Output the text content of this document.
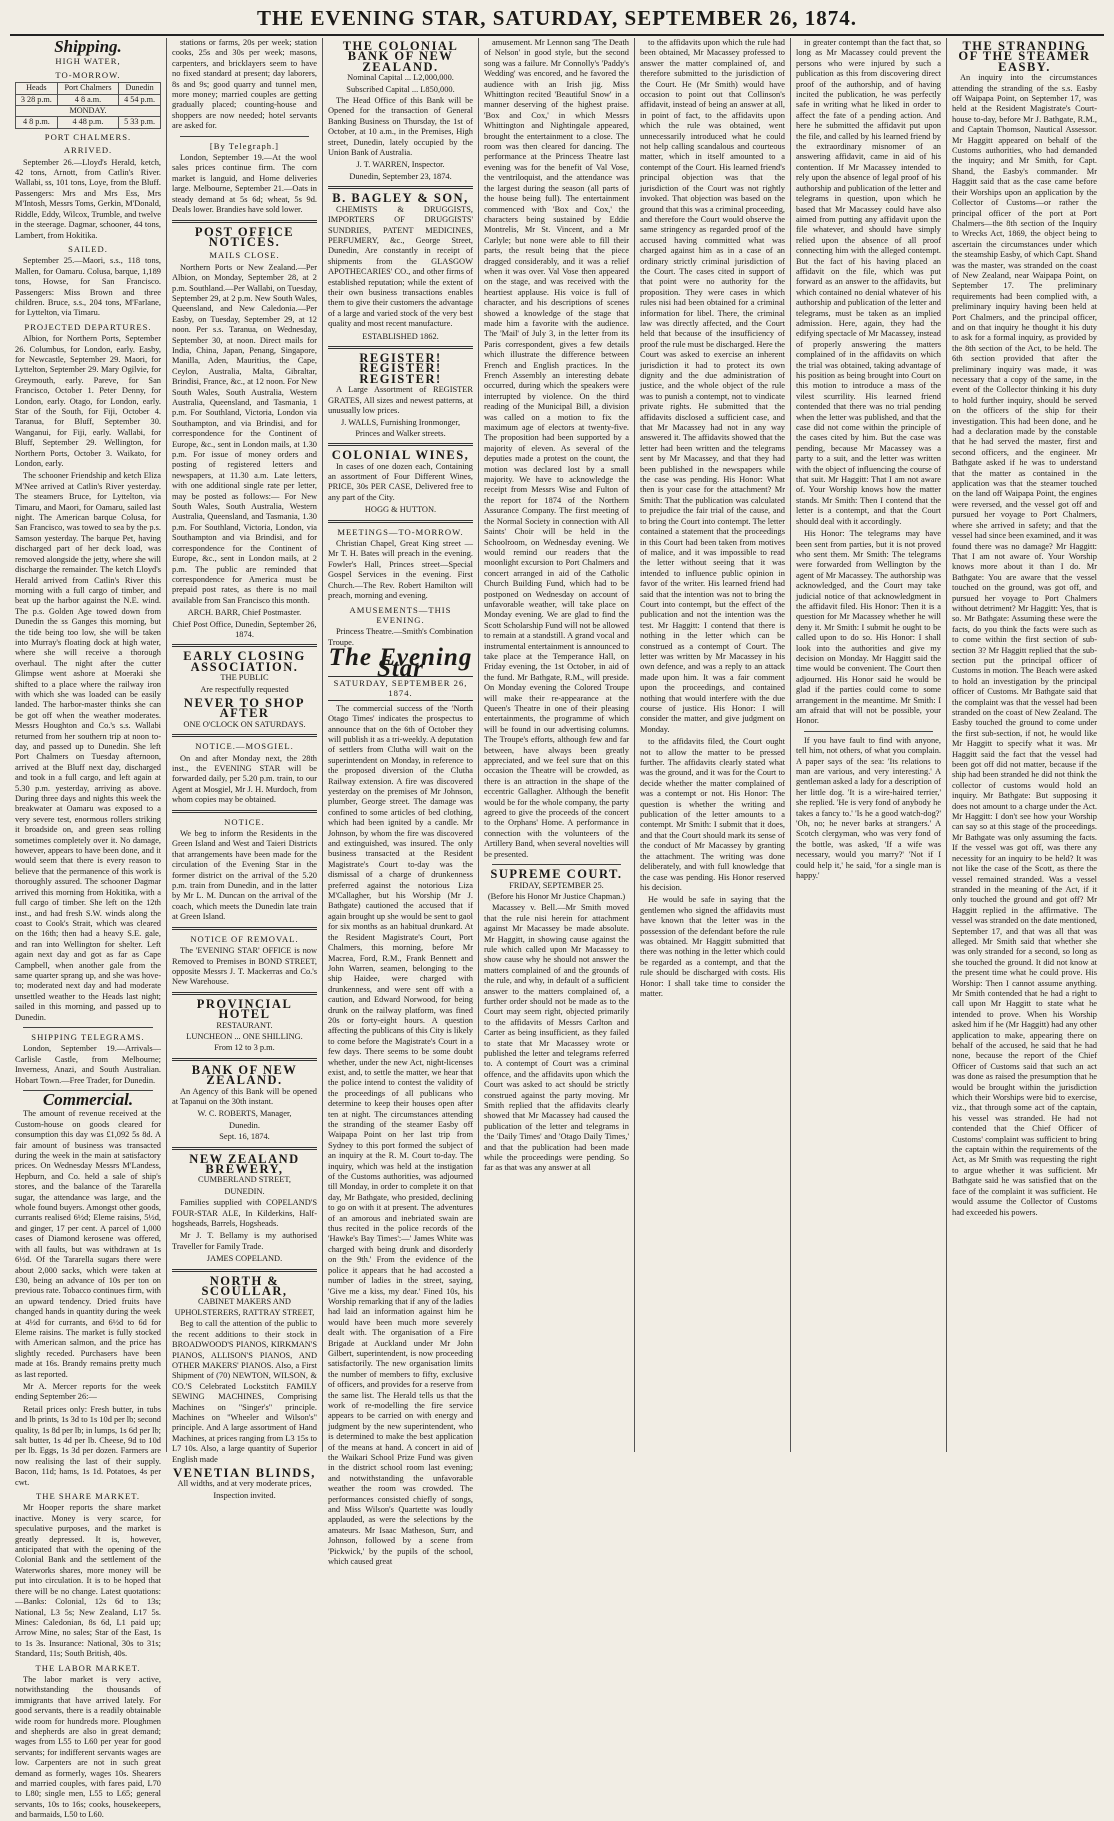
THE EVENING STAR, SATURDAY, SEPTEMBER 26, 1874.
Shipping.
HIGH WATER,
TO-MORROW.
Heads	Port Chalmers	Dunedin
3 28 p.m.	4 8 a.m.	4 54 p.m.
MONDAY.		
4 8 p.m.	4 48 p.m.	5 33 p.m.
PORT CHALMERS.
ARRIVED.

September 26.—Lloyd's Herald, ketch, 42 tons, Arnott, from Catlin's River. Wallabi, ss, 101 tons, Loye, from the Bluff. Passengers: Mrs and Mrs Ess, Mrs M'Intosh, Messrs Toms, Gerkin, M'Donald, Riddle, Eddy, Wilcox, Trumble, and twelve in the steerage. Dagmar, schooner, 44 tons, Lambert, from Hokitika.

SAILED.

September 25.—Maori, s.s., 118 tons, Mallen, for Oamaru. Colusa, barque, 1,189 tons, Howse, for San Francisco. Passengers: Miss Brown and three children. Bruce, s.s., 204 tons, M'Farlane, for Lyttelton, via Timaru.

PROJECTED DEPARTURES.

Albion, for Northern Ports, September 26. Columbus, for London, early. Easby, for Newcastle, September 29. Maori, for Lyttelton, September 29. Mary Ogilvie, for Greymouth, early. Pareve, for San Francisco, October 1. Peter Denny, for London, early. Otago, for London, early. Star of the South, for Fiji, October 4. Taranua, for Bluff, September 30. Wanganui, for Fiji, early. Wallabi, for Bluff, September 29. Wellington, for Northern Ports, October 3. Waikato, for London, early.

The schooner Friendship and ketch Eliza M'Nee arrived at Catlin's River yesterday. The steamers Bruce, for Lyttelton, via Timaru, and Maori, for Oamaru, sailed last night. The American barque Colusa, for San Francisco, was towed to sea by the p.s. Samson yesterday. The barque Pet, having discharged part of her deck load, was removed alongside the jetty, where she will discharge the remainder. The ketch Lloyd's Herald arrived from Catlin's River this morning with a full cargo of timber, and beat up the harbor against the N.E. wind. The p.s. Golden Age towed down from Dunedin the ss Ganges this morning, but the tide being too low, she will be taken into Murray's floating dock at high water, where she will receive a thorough overhaul. The night after the cutter Glimpse went ashore at Moeraki she shifted to a place where the railway iron with which she was loaded can be easily landed. The harbor-master thinks she can be got off when the weather moderates. Messrs Houghton and Co.'s s.s. Wallabi returned from her southern trip at noon to-day, and passed up to Dunedin. She left Port Chalmers on Tuesday afternoon, arrived at the Bluff next day, discharged and took in a full cargo, and left again at 5.30 p.m. yesterday, arriving as above. During three days and nights this week the breakwater at Oamaru was exposed to a very severe test, enormous rollers striking it broadside on, and green seas rolling sometimes completely over it. No damage, however, appears to have been done, and it would seem that there is every reason to believe that the permanence of this work is thoroughly assured. The schooner Dagmar arrived this morning from Hokitika, with a full cargo of timber. She left on the 12th inst., and had fresh S.W. winds along the coast to Cook's Strait, which was cleared on the 16th; then had a heavy S.E. gale, and ran into Wellington for shelter. Left again next day and got as far as Cape Campbell, when another gale from the same quarter sprang up, and she was hove-to; moderated next day and had moderate unsettled weather to the Heads last night; sailed in this morning, and passed up to Dunedin.

SHIPPING TELEGRAMS.

London, September 19.—Arrivals—Carlisle Castle, from Melbourne; Inverness, Anazi, and South Australian. Hobart Town.—Free Trader, for Dunedin.

Commercial.

The amount of revenue received at the Custom-house on goods cleared for consumption this day was £1,092 5s 8d. A fair amount of business was transacted during the week in the main at satisfactory prices. On Wednesday Messrs M'Landess, Hepburn, and Co. held a sale of ship's stores, and the balance of the Tararella sugar, the attendance was large, and the whole found buyers. Amongst other goods, currants realised 6½d; Eleme raisins, 5½d, and ginger, 17 per cent. A parcel of 1,000 cases of Diamond kerosene was offered, with all faults, but was withdrawn at 1s 6½d. Of the Tararella sugars there were about 2,000 sacks, which were taken at £30, being an advance of 10s per ton on previous rate. Tobacco continues firm, with an upward tendency. Dried fruits have changed hands in quantity during the week at 4½d for currants, and 6½d to 6d for Eleme raisins. The market is fully stocked with American salmon, and the price has slightly receded. Purchasers have been made at 16s. Brandy remains pretty much as last reported.

Mr A. Mercer reports for the week ending September 26:—

Retail prices only: Fresh butter, in tubs and lb prints, 1s 3d to 1s 10d per lb; second quality, 1s 8d per lb; in lumps, 1s 6d per lb; salt butter, 1s 4d per lb. Cheese, 9d to 10d per lb. Eggs, 1s 3d per dozen. Farmers are now realising the last of their supply. Bacon, 11d; hams, 1s 1d. Potatoes, 4s per cwt.

THE SHARE MARKET.

Mr Hooper reports the share market inactive. Money is very scarce, for speculative purposes, and the market is greatly depressed. It is, however, anticipated that with the opening of the Colonial Bank and the settlement of the Waterworks shares, more money will be put into circulation. It is to be hoped that there will be no change. Latest quotations:—Banks: Colonial, 12s 6d to 13s; National, L3 5s; New Zealand, L17 5s. Mines: Caledonian, 8s 6d, L1 paid up; Arrow Mine, no sales; Star of the East, 1s to 1s 3s. Insurance: National, 30s to 31s; Standard, 11s; South British, 40s.

THE LABOR MARKET.

The labor market is very active, notwithstanding the thousands of immigrants that have arrived lately. For good servants, there is a readily obtainable wide room for hundreds more. Ploughmen and shepherds are also in great demand; wages from L55 to L60 per year for good servants; for indifferent servants wages are low. Carpenters are not in such great demand as formerly, wages 10s. Shearers and married couples, with fares paid, L70 to L80; single men, L55 to L65; general servants, 10s to 16s; cooks, housekeepers, and barmaids, L50 to L60.

stations or farms, 20s per week; station cooks, 25s and 30s per week; masons, carpenters, and bricklayers seem to have no fixed standard at present; day laborers, 8s and 9s; good quarry and tunnel men, more money; married couples are getting gradually placed; counting-house and shoppers are now needed; hotel servants are asked for.

[By Telegraph.]

London, September 19.—At the wool sales prices continue firm. The corn market is languid, and Home deliveries large. Melbourne, September 21.—Oats in steady demand at 5s 6d; wheat, 5s 9d. Deals lower. Brandies have sold lower.

POST OFFICE NOTICES.
MAILS CLOSE.

Northern Ports or New Zealand.—Per Albion, on Monday, September 28, at 2 p.m. Southland.—Per Wallabi, on Tuesday, September 29, at 2 p.m. New South Wales, Queensland, and New Caledonia.—Per Easby, on Tuesday, September 29, at 12 noon. Per s.s. Taranua, on Wednesday, September 30, at noon. Direct mails for India, China, Japan, Penang, Singapore, Manilla, Aden, Mauritius, the Cape, Ceylon, Australia, Malta, Gibraltar, Brindisi, France, &c., at 12 noon. For New South Wales, South Australia, Western Australia, Queensland, and Tasmania, 1 p.m. For Southland, Victoria, London via Southampton, and via Brindisi, and for correspondence for the Continent of Europe, &c., sent in London mails, at 1.30 p.m. For issue of money orders and posting of registered letters and newspapers, at 11.30 a.m. Late letters, with one additional single rate per letter, may be posted as follows:— For New South Wales, South Australia, Western Australia, Queensland, and Tasmania, 1.30 p.m. For Southland, Victoria, London, via Southampton and via Brindisi, and for correspondence for the Continent of Europe, &c., sent in London mails, at 2 p.m. The public are reminded that correspondence for America must be prepaid post rates, as there is no mail available from San Francisco this month.

ARCH. BARR, Chief Postmaster.
Chief Post Office, Dunedin, September 26, 1874.
EARLY CLOSING ASSOCIATION.
THE PUBLIC
Are respectfully requested
NEVER TO SHOP AFTER
ONE O'CLOCK ON SATURDAYS.
NOTICE.—MOSGIEL.

On and after Monday next, the 28th inst., the EVENING STAR will be forwarded daily, per 5.20 p.m. train, to our Agent at Mosgiel, Mr J. H. Murdoch, from whom copies may be obtained.

NOTICE.

We beg to inform the Residents in the Green Island and West and Taieri Districts that arrangements have been made for the circulation of the Evening Star in the former district on the arrival of the 5.20 p.m. train from Dunedin, and in the latter by Mr L. M. Duncan on the arrival of the coach, which meets the Dunedin late train at Green Island.

NOTICE OF REMOVAL.

The 'EVENING STAR' OFFICE is now Removed to Premises in BOND STREET, opposite Messrs J. T. Mackerras and Co.'s New Warehouse.

PROVINCIAL HOTEL
RESTAURANT.
LUNCHEON ... ONE SHILLING.
From 12 to 3 p.m.
BANK OF NEW ZEALAND.

An Agency of this Bank will be opened at Tapanui on the 30th instant.

W. C. ROBERTS, Manager,
Dunedin.
Sept. 16, 1874.
NEW ZEALAND BREWERY,
CUMBERLAND STREET,
DUNEDIN.

Families supplied with COPELAND'S FOUR-STAR ALE, In Kilderkins, Half-hogsheads, Barrels, Hogsheads.

Mr J. T. Bellamy is my authorised Traveller for Family Trade.

JAMES COPELAND.
NORTH & SCOULLAR,
CABINET MAKERS AND UPHOLSTERERS, RATTRAY STREET,

Beg to call the attention of the public to the recent additions to their stock in BROADWOOD'S PIANOS, KIRKMAN'S PIANOS, ALLISON'S PIANOS, AND OTHER MAKERS' PIANOS. Also, a First Shipment of (70) NEWTON, WILSON, & CO.'S Celebrated Lockstitch FAMILY SEWING MACHINES, Comprising Machines on "Singer's" principle. Machines on "Wheeler and Wilson's" principle. And A large assortment of Hand Machines, at prices ranging from L3 15s to L7 10s. Also, a large quantity of Superior English made

VENETIAN BLINDS,
All widths, and at very moderate prices,
Inspection invited.
THE COLONIAL BANK OF NEW ZEALAND.
Nominal Capital ... L2,000,000.
Subscribed Capital ... L850,000.

The Head Office of this Bank will be Opened for the transaction of General Banking Business on Thursday, the 1st of October, at 10 a.m., in the Premises, High street, Dunedin, lately occupied by the Union Bank of Australia.

J. T. WARREN, Inspector.
Dunedin, September 23, 1874.
B. BAGLEY & SON,

CHEMISTS & DRUGGISTS, IMPORTERS OF DRUGGISTS' SUNDRIES, PATENT MEDICINES, PERFUMERY, &c., George Street, Dunedin, Are constantly in receipt of shipments from the GLASGOW APOTHECARIES' CO., and other firms of established reputation; while the extent of their own business transactions enables them to give their customers the advantage of a large and varied stock of the very best quality and most recent manufacture.

ESTABLISHED 1862.
REGISTER! REGISTER! REGISTER!

A Large Assortment of REGISTER GRATES, All sizes and newest patterns, at unusually low prices.

J. WALLS, Furnishing Ironmonger, Princes and Walker streets.
COLONIAL WINES,

In cases of one dozen each, Containing an assortment of Four Different Wines, PRICE, 30s PER CASE, Delivered free to any part of the City.

HOGG & HUTTON.
MEETINGS—TO-MORROW.

Christian Chapel, Great King street — Mr T. H. Bates will preach in the evening. Fowler's Hall, Princes street—Special Gospel Services in the evening. First Church.—The Rev. Robert Hamilton will preach, morning and evening.

AMUSEMENTS—THIS EVENING.

Princess Theatre.—Smith's Combination Troupe.

The Evening Star
SATURDAY, SEPTEMBER 26, 1874.

The commercial success of the 'North Otago Times' indicates the prospectus to announce that on the 6th of October they will publish it as a tri-weekly. A deputation of settlers from Clutha will wait on the superintendent on Monday, in reference to the proposed diversion of the Clutha Railway extension. A fire was discovered yesterday on the premises of Mr Johnson, plumber, George street. The damage was confined to some articles of bed clothing, which had been ignited by a candle. Mr Johnson, by whom the fire was discovered and extinguished, was insured. The only business transacted at the Resident Magistrate's Court to-day was the dismissal of a charge of drunkenness preferred against the notorious Liza M'Callagher, but his Worship (Mr J. Bathgate) cautioned the accused that if again brought up she would be sent to gaol for six months as an habitual drunkard. At the Resident Magistrate's Court, Port Chalmers, this morning, before Mr Macrea, Ford, R.M., Frank Bennett and John Warren, seamen, belonging to the ship Haidee, were charged with drunkenness, and were sent off with a caution, and Edward Norwood, for being drunk on the railway platform, was fined 20s or forty-eight hours. A question affecting the publicans of this City is likely to come before the Magistrate's Court in a few days. There seems to be some doubt whether, under the new Act, night-licenses exist, and, to settle the matter, we hear that the police intend to contest the validity of the proceedings of all publicans who determine to keep their houses open after ten at night. The circumstances attending the stranding of the steamer Easby off Waipapa Point on her last trip from Sydney to this port formed the subject of an inquiry at the R. M. Court to-day. The inquiry, which was held at the instigation of the Customs authorities, was adjourned till Monday, in order to complete it on that day, Mr Bathgate, who presided, declining to go on with it at present. The adventures of an amorous and inebriated swain are thus recited in the police records of the 'Hawke's Bay Times':—' James White was charged with being drunk and disorderly on the 9th.' From the evidence of the police it appears that he had accosted a number of ladies in the street, saying, 'Give me a kiss, my dear.' Fined 10s, his Worship remarking that if any of the ladies had laid an information against him he would have been much more severely dealt with. The organisation of a Fire Brigade at Auckland under Mr John Gilbert, superintendent, is now proceeding satisfactorily. The new organisation limits the number of members to fifty, exclusive of officers, and provides for a reserve from the same list. The Herald tells us that the work of re-modelling the fire service appears to be carried on with energy and judgment by the new superintendent, who is determined to make the best application of the means at hand. A concert in aid of the Waikari School Prize Fund was given in the district school room last evening; and notwithstanding the unfavorable weather the room was crowded. The performances consisted chiefly of songs, and Miss Wilson's Quartette was loudly applauded, as were the selections by the amateurs. Mr Isaac Matheson, Surr, and Johnson, followed by a scene from 'Pickwick,' by the pupils of the school, which caused great

amusement. Mr Lennon sang 'The Death of Nelson' in good style, but the second song was a failure. Mr Connolly's 'Paddy's Wedding' was encored, and he favored the audience with an Irish jig. Miss Whittington recited 'Beautiful Snow' in a manner deserving of the highest praise. 'Box and Cox,' in which Messrs Whittington and Nightingale appeared, brought the entertainment to a close. The room was then cleared for dancing. The performance at the Princess Theatre last evening was for the benefit of Val Vose, the ventriloquist, and the attendance was the largest during the season (all parts of the house being full). The entertainment commenced with 'Box and Cox,' the characters being sustained by Eddie Montrelis, Mr St. Vincent, and a Mr Carlyle; but none were able to fill their parts, the result being that the piece dragged considerably, and it was a relief when it was over. Val Vose then appeared on the stage, and was received with the heartiest applause. His voice is full of character, and his descriptions of scenes showed a knowledge of the stage that made him a favorite with the audience. The 'Mail' of July 3, in the letter from its Paris correspondent, gives a few details which illustrate the difference between French and English practices. In the French Assembly an interesting debate occurred, during which the speakers were interrupted by violence. On the third reading of the Municipal Bill, a division was called on a motion to fix the maximum age of electors at twenty-five. The proposition had been supported by a majority of eleven. As several of the deputies made a protest on the count, the motion was declared lost by a small majority. We have to acknowledge the receipt from Messrs Wise and Fulton of the report for 1874 of the Northern Assurance Company. The first meeting of the Normal Society in connection with All Saints' Choir will be held in the Schoolroom, on Wednesday evening. We would remind our readers that the moonlight excursion to Port Chalmers and concert arranged in aid of the Catholic Church Building Fund, which had to be postponed on Wednesday on account of unfavorable weather, will take place on Monday evening. We are glad to find the Scott Scholarship Fund will not be allowed to remain at a standstill. A grand vocal and instrumental entertainment is announced to take place at the Temperance Hall, on Friday evening, the 1st October, in aid of the fund. Mr Bathgate, R.M., will preside. On Monday evening the Colored Troupe will make their re-appearance at the Queen's Theatre in one of their pleasing entertainments, the programme of which will be found in our advertising columns. The Troupe's efforts, although few and far between, have always been greatly appreciated, and we feel sure that on this occasion the Theatre will be crowded, as there is an attraction in the shape of the eccentric Gallagher. Although the benefit would be for the whole company, the party agreed to give the proceeds of the concert to the Orphans' Home. A performance in connection with the volunteers of the Artillery Band, when several novelties will be presented.

SUPREME COURT.
FRIDAY, SEPTEMBER 25.
(Before his Honor Mr Justice Chapman.)

Macassey v. Bell.—Mr Smith moved that the rule nisi herein for attachment against Mr Macassey be made absolute. Mr Haggitt, in showing cause against the rule which called upon Mr Macassey to show cause why he should not answer the matters complained of and the grounds of the rule, and why, in default of a sufficient answer to the matters complained of, a further order should not be made as to the Court may seem right, objected primarily to the affidavits of Messrs Carlton and Carter as being insufficient, as they failed to state that Mr Macassey wrote or published the letter and telegrams referred to. A contempt of Court was a criminal offence, and the affidavits upon which the Court was asked to act should be strictly construed against the party moving. Mr Smith replied that the affidavits clearly showed that Mr Macassey had caused the publication of the letter and telegrams in the 'Daily Times' and 'Otago Daily Times,' and that the publication had been made while the proceedings were pending. So far as that was any answer at all

to the affidavits upon which the rule had been obtained, Mr Macassey professed to answer the matter complained of, and therefore submitted to the jurisdiction of the Court. He (Mr Smith) would have occasion to point out that Collinson's affidavit, instead of being an answer at all, in point of fact, to the affidavits upon which the rule was obtained, went unnecessarily introduced what he could not help calling scandalous and courteous matter, which in itself amounted to a contempt of the Court. His learned friend's principal objection was that the jurisdiction of the Court was not rightly invoked. That objection was based on the ground that this was a criminal proceeding, and therefore the Court would observe the same stringency as regarded proof of the accused having committed what was charged against him as in a case of an ordinary strictly criminal jurisdiction of the Court. The cases cited in support of that point were no authority for the proposition. They were cases in which rules nisi had been obtained for a criminal information for libel. There, the criminal law was directly affected, and the Court held that because of the insufficiency of proof the rule must be discharged. Here the Court was asked to exercise an inherent jurisdiction it had to protect its own dignity and the due administration of justice, and the whole object of the rule was to punish a contempt, not to vindicate private rights. He submitted that the affidavits disclosed a sufficient case, and that Mr Macassey had not in any way answered it. The affidavits showed that the letter had been written and the telegrams sent by Mr Macassey, and that they had been published in the newspapers while the case was pending. His Honor: What then is your case for the attachment? Mr Smith: That the publication was calculated to prejudice the fair trial of the cause, and to bring the Court into contempt. The letter contained a statement that the proceedings in this Court had been taken from motives of malice, and it was impossible to read the letter without seeing that it was intended to influence public opinion in favor of the writer. His learned friend had said that the intention was not to bring the Court into contempt, but the effect of the publication and not the intention was the test. Mr Haggitt: I contend that there is nothing in the letter which can be construed as a contempt of Court. The letter was written by Mr Macassey in his own defence, and was a reply to an attack made upon him. It was a fair comment upon the proceedings, and contained nothing that would interfere with the due course of justice. His Honor: I will consider the matter, and give judgment on Monday.

to the affidavits filed, the Court ought not to allow the matter to be pressed further. The affidavits clearly stated what was the ground, and it was for the Court to decide whether the matter complained of was a contempt or not. His Honor: The question is whether the writing and publication of the letter amounts to a contempt. Mr Smith: I submit that it does, and that the Court should mark its sense of the conduct of Mr Macassey by granting the attachment. The writing was done deliberately, and with full knowledge that the case was pending. His Honor reserved his decision.

He would be safe in saying that the gentlemen who signed the affidavits must have known that the letter was in the possession of the defendant before the rule was obtained. Mr Haggitt submitted that there was nothing in the letter which could be regarded as a contempt, and that the rule should be discharged with costs. His Honor: I shall take time to consider the matter.

in greater contempt than the fact that, so long as Mr Macassey could prevent the persons who were injured by such a publication as this from discovering direct proof of the authorship, and of having incited the publication, he was perfectly safe in writing what he liked in order to affect the fate of a pending action. And here he submitted the affidavit put upon the file, and called by his learned friend by the extraordinary misnomer of an answering affidavit, came in aid of his contention. If Mr Macassey intended to rely upon the absence of legal proof of his authorship and publication of the letter and telegrams in question, upon which he based that Mr Macassey could have also aimed from putting any affidavit upon the file whatever, and should have simply relied upon the absence of all proof connecting him with the alleged contempt. But the fact of his having placed an affidavit on the file, which was put forward as an answer to the affidavits, but which contained no denial whatever of his authorship and publication of the letter and telegrams, must be taken as an implied admission. Here, again, they had the edifying spectacle of Mr Macassey, instead of properly answering the matters complained of in the affidavits on which the trial was obtained, taking advantage of his position as being brought into Court on this motion to introduce a mass of the vilest scurrility. His learned friend contended that there was no trial pending when the letter was published, and that the case did not come within the principle of the cases cited by him. But the case was pending, because Mr Macassey was a party to a suit, and the letter was written with the object of influencing the course of that suit. Mr Haggitt: That I am not aware of. Your Worship knows how the matter stands. Mr Smith: Then I contend that the letter is a contempt, and that the Court should deal with it accordingly.

His Honor: The telegrams may have been sent from parties, but it is not proved who sent them. Mr Smith: The telegrams were forwarded from Wellington by the agent of Mr Macassey. The authorship was acknowledged, and the Court may take judicial notice of that acknowledgment in the affidavit filed. His Honor: Then it is a question for Mr Macassey whether he will deny it. Mr Smith: I submit he ought to be called upon to do so. His Honor: I shall look into the authorities and give my decision on Monday. Mr Haggitt said the time would be convenient. The Court then adjourned. His Honor said he would be glad if the parties could come to some arrangement in the meantime. Mr Smith: I am afraid that will not be possible, your Honor.

If you have fault to find with anyone, tell him, not others, of what you complain. A paper says of the sea: 'Its relations to man are various, and very interesting.' A gentleman asked a lady for a description of her little dog. 'It is a wire-haired terrier,' she replied. 'He is very fond of anybody he takes a fancy to.' 'Is he a good watch-dog?' 'Oh, no; he never barks at strangers.' A Scotch clergyman, who was very fond of the bottle, was asked, 'If a wife was necessary, would you marry?' 'Not if I could help it,' he said, 'for a single man is happy.'

THE STRANDING OF THE STEAMER EASBY.

An inquiry into the circumstances attending the stranding of the s.s. Easby off Waipapa Point, on September 17, was held at the Resident Magistrate's Court-house to-day, before Mr J. Bathgate, R.M., and Captain Thomson, Nautical Assessor. Mr Haggitt appeared on behalf of the Customs authorities, who had demanded the inquiry; and Mr Smith, for Capt. Shand, the Easby's commander. Mr Haggitt said that as the case came before their Worships upon an application by the Collector of Customs—or rather the principal officer of the port at Port Chalmers—the 8th section of the Inquiry to Wrecks Act, 1869, the object being to ascertain the circumstances under which the steamship Easby, of which Capt. Shand was the master, was stranded on the coast of New Zealand, near Waipapa Point, on September 17. The preliminary requirements had been complied with, a preliminary inquiry having been held at Port Chalmers, and the principal officer, and on that inquiry he thought it his duty to ask for a formal inquiry, as provided by the 8th section of the Act, to be held. The 6th section provided that after the preliminary inquiry was made, it was necessary that a copy of the same, in the event of the Collector thinking it his duty to hold further inquiry, should be served on the officers of the ship for their investigation. This had been done, and he had a declaration made by the constable that he had served the master, first and second officers, and the engineer. Mr Bathgate asked if he was to understand that the matter as contained in the application was that the steamer touched on the land off Waipapa Point, the engines were reversed, and the vessel got off and pursued her voyage to Port Chalmers, where she arrived in safety; and that the vessel had since been examined, and it was found there was no damage? Mr Haggitt: That I am not aware of. Your Worship knows more about it than I do. Mr Bathgate: You are aware that the vessel touched on the ground, was got off, and pursued her voyage to Port Chalmers without detriment? Mr Haggitt: Yes, that is so. Mr Bathgate: Assuming these were the facts, do you think the facts were such as to come within the first section of sub-section 3? Mr Haggitt replied that the sub-section put the principal officer of Customs in motion. The Beach were asked to hold an investigation by the principal officer of Customs. Mr Bathgate said that the complaint was that the vessel had been stranded on the coast of New Zealand. The Easby touched the ground to come under the first sub-section, if not, he would like Mr Haggitt to specify what it was. Mr Haggitt said the fact that the vessel had been got off did not matter, because if the ship had been stranded he did not think the collector of customs would hold an inquiry. Mr Bathgate: But supposing it does not amount to a charge under the Act. Mr Haggitt: I don't see how your Worship can say so at this stage of the proceedings. Mr Bathgate was only assuming the facts. If the vessel was got off, was there any necessity for an inquiry to be held? It was not like the case of the Scott, as there the vessel remained stranded. Was a vessel stranded in the meaning of the Act, if it only touched the ground and got off? Mr Haggitt replied in the affirmative. The vessel was stranded on the date mentioned, September 17, and that was all that was alleged. Mr Smith said that whether she was only stranded for a second, so long as she touched the ground. It did not know at the present time what he could prove. His Worship: Then I cannot assume anything. Mr Smith contended that he had a right to call upon Mr Haggitt to state what he intended to prove. When his Worship asked him if he (Mr Haggitt) had any other application to make, appearing there on behalf of the accused, he said that he had none, because the report of the Chief Officer of Customs said that such an act was done as raised the presumption that he would be brought within the jurisdiction which their Worships were bid to exercise, viz., that through some act of the captain, his vessel was stranded. He had not contended that the Chief Officer of Customs' complaint was sufficient to bring the captain within the requirements of the Act, as Mr Smith was requesting the right to argue whether it was sufficient. Mr Bathgate said he was satisfied that on the face of the complaint it was sufficient. He would assume the Collector of Customs had exceeded his powers.
